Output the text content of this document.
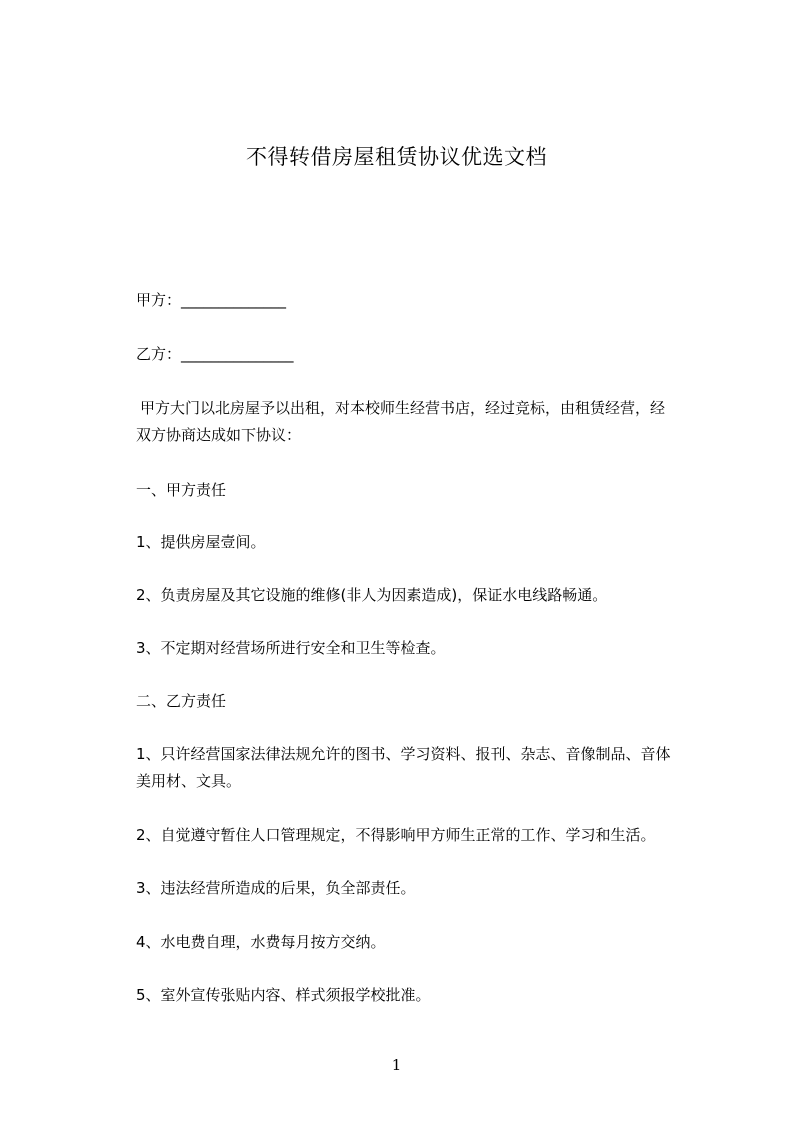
不得转借房屋租赁协议优选文档
甲方：______________
乙方：_______________
甲方大门以北房屋予以出租，对本校师生经营书店，经过竞标，由租赁经营，经
双方协商达成如下协议：
一、甲方责任
1、提供房屋壹间。
2、负责房屋及其它设施的维修(非人为因素造成)，保证水电线路畅通。
3、不定期对经营场所进行安全和卫生等检查。
二、乙方责任
1、只许经营国家法律法规允许的图书、学习资料、报刊、杂志、音像制品、音体
美用材、文具。
2、自觉遵守暂住人口管理规定，不得影响甲方师生正常的工作、学习和生活。
3、违法经营所造成的后果，负全部责任。
4、水电费自理，水费每月按方交纳。
5、室外宣传张贴内容、样式须报学校批准。
1
